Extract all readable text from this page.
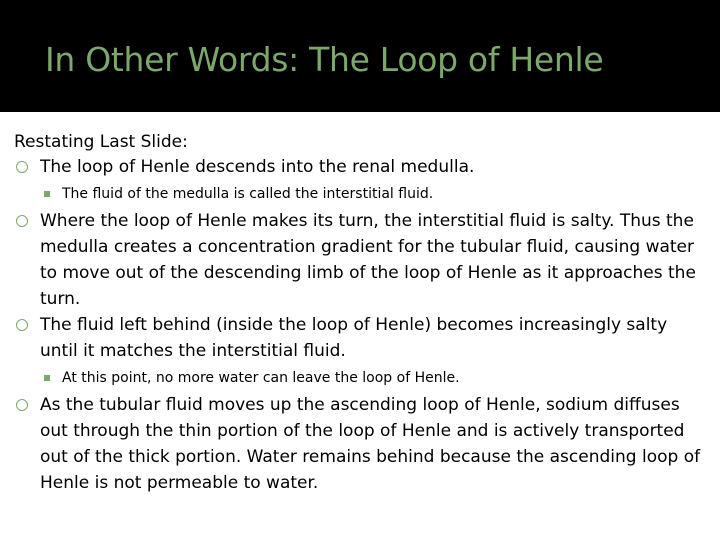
In Other Words: The Loop of Henle
Restating Last Slide:
The loop of Henle descends into the renal medulla.
The fluid of the medulla is called the interstitial fluid.
Where the loop of Henle makes its turn, the interstitial fluid is salty. Thus the medulla creates a concentration gradient for the tubular fluid, causing water to move out of the descending limb of the loop of Henle as it approaches the turn.
The fluid left behind (inside the loop of Henle) becomes increasingly salty until it matches the interstitial fluid.
At this point, no more water can leave the loop of Henle.
As the tubular fluid moves up the ascending loop of Henle, sodium diffuses out through the thin portion of the loop of Henle and is actively transported out of the thick portion. Water remains behind because the ascending loop of Henle is not permeable to water.
